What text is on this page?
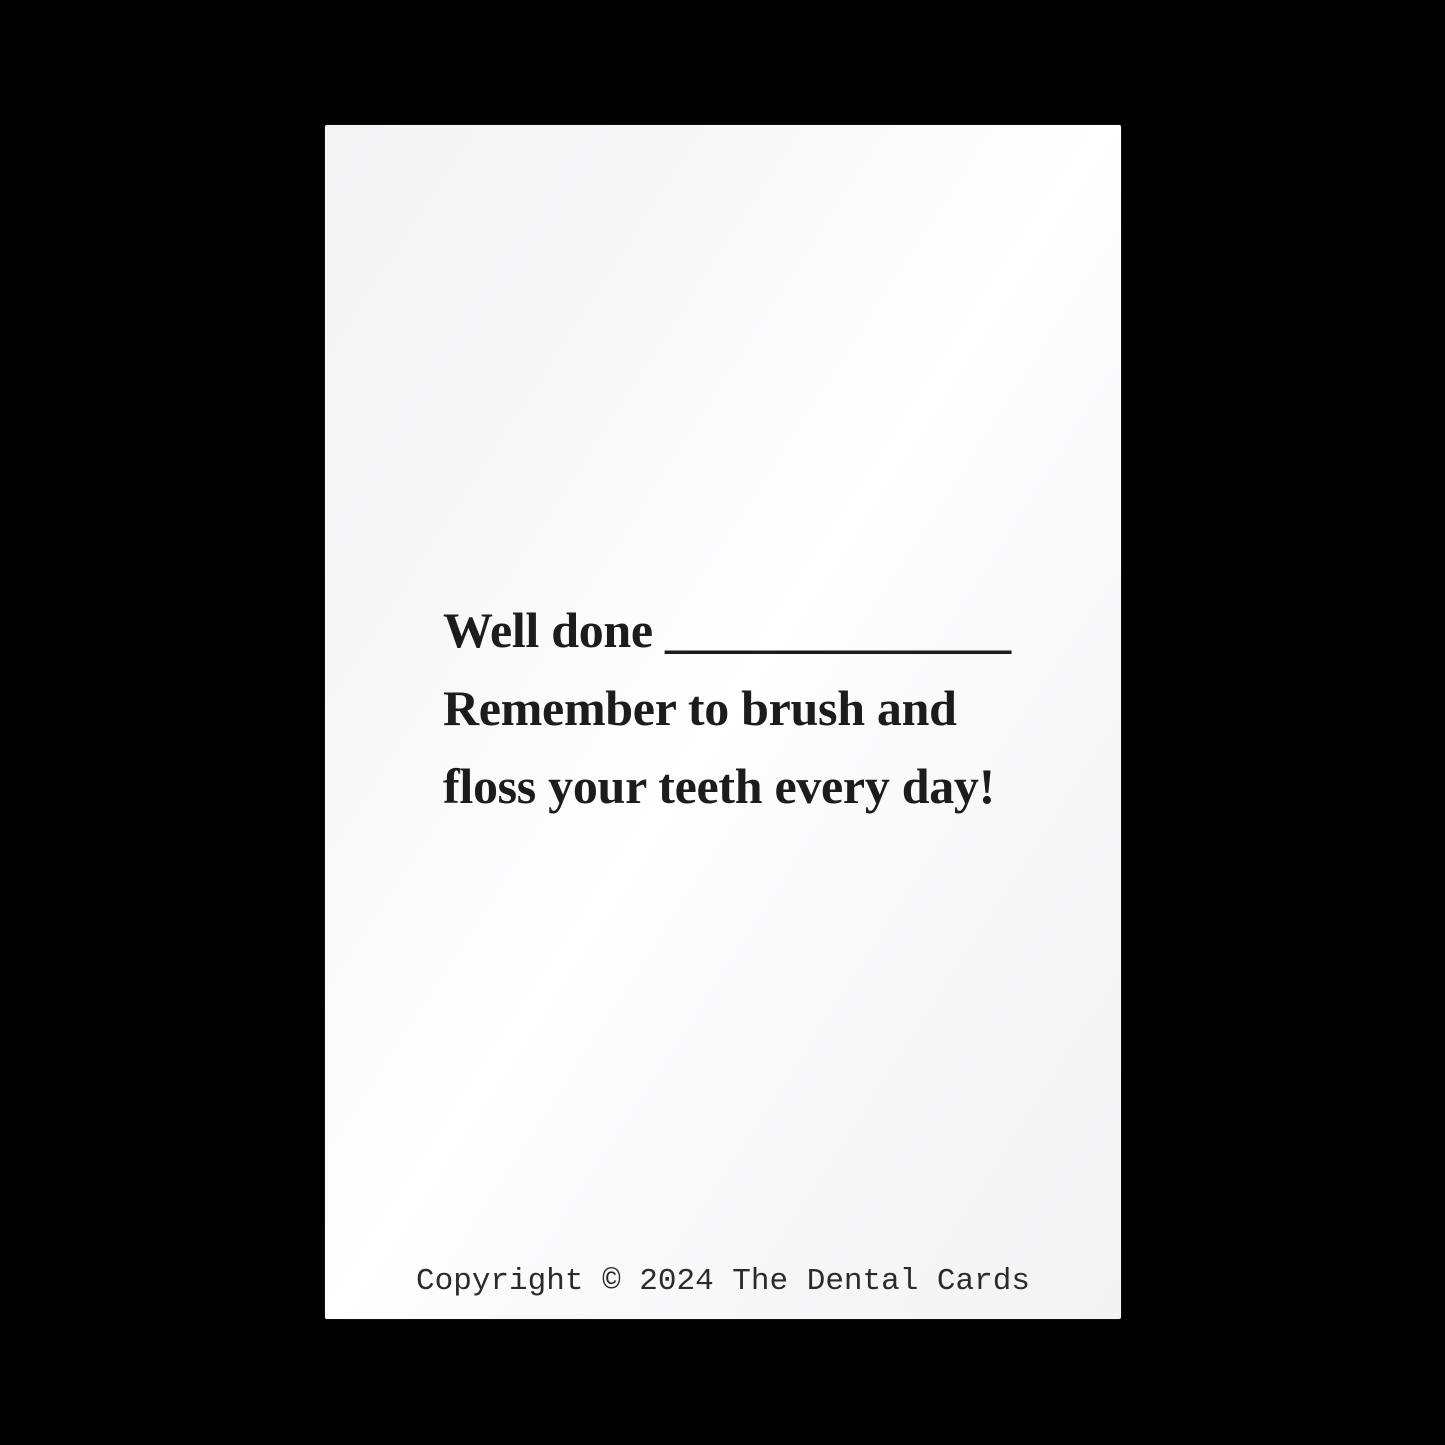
Well done ______________
Remember to brush and
floss your teeth every day!
Copyright © 2024 The Dental Cards
